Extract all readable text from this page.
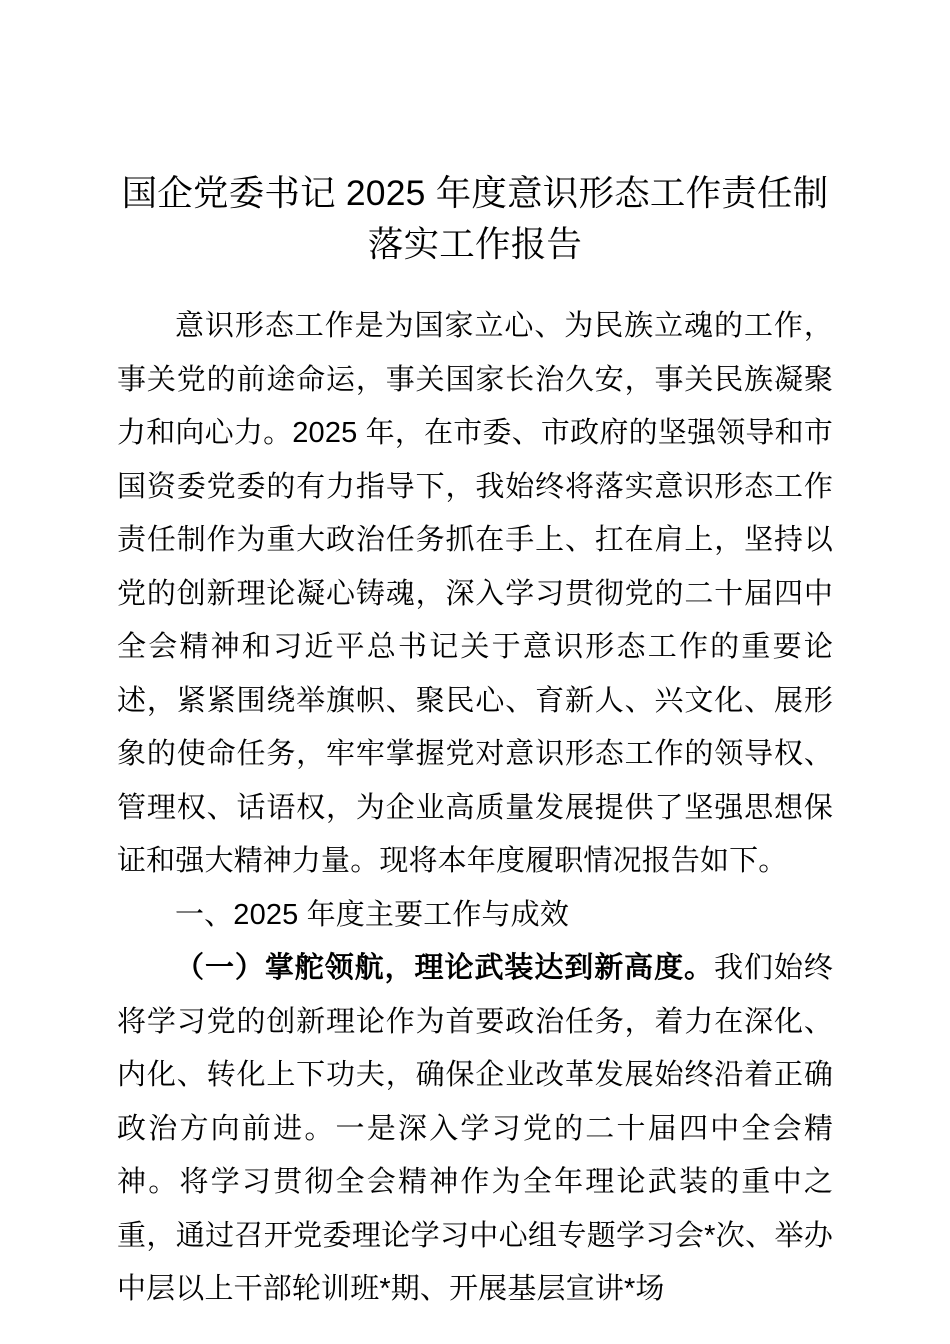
国企党委书记 2025 年度意识形态工作责任制落实工作报告

意识形态工作是为国家立心、为民族立魂的工作，事关党的前途命运，事关国家长治久安，事关民族凝聚力和向心力。2025 年，在市委、市政府的坚强领导和市国资委党委的有力指导下，我始终将落实意识形态工作责任制作为重大政治任务抓在手上、扛在肩上，坚持以党的创新理论凝心铸魂，深入学习贯彻党的二十届四中全会精神和习近平总书记关于意识形态工作的重要论述，紧紧围绕举旗帜、聚民心、育新人、兴文化、展形象的使命任务，牢牢掌握党对意识形态工作的领导权、管理权、话语权，为企业高质量发展提供了坚强思想保证和强大精神力量。现将本年度履职情况报告如下。

一、2025 年度主要工作与成效

（一）掌舵领航，理论武装达到新高度。我们始终将学习党的创新理论作为首要政治任务，着力在深化、内化、转化上下功夫，确保企业改革发展始终沿着正确政治方向前进。一是深入学习党的二十届四中全会精神。将学习贯彻全会精神作为全年理论武装的重中之重，通过召开党委理论学习中心组专题学习会*次、举办中层以上干部轮训班*期、开展基层宣讲*场
